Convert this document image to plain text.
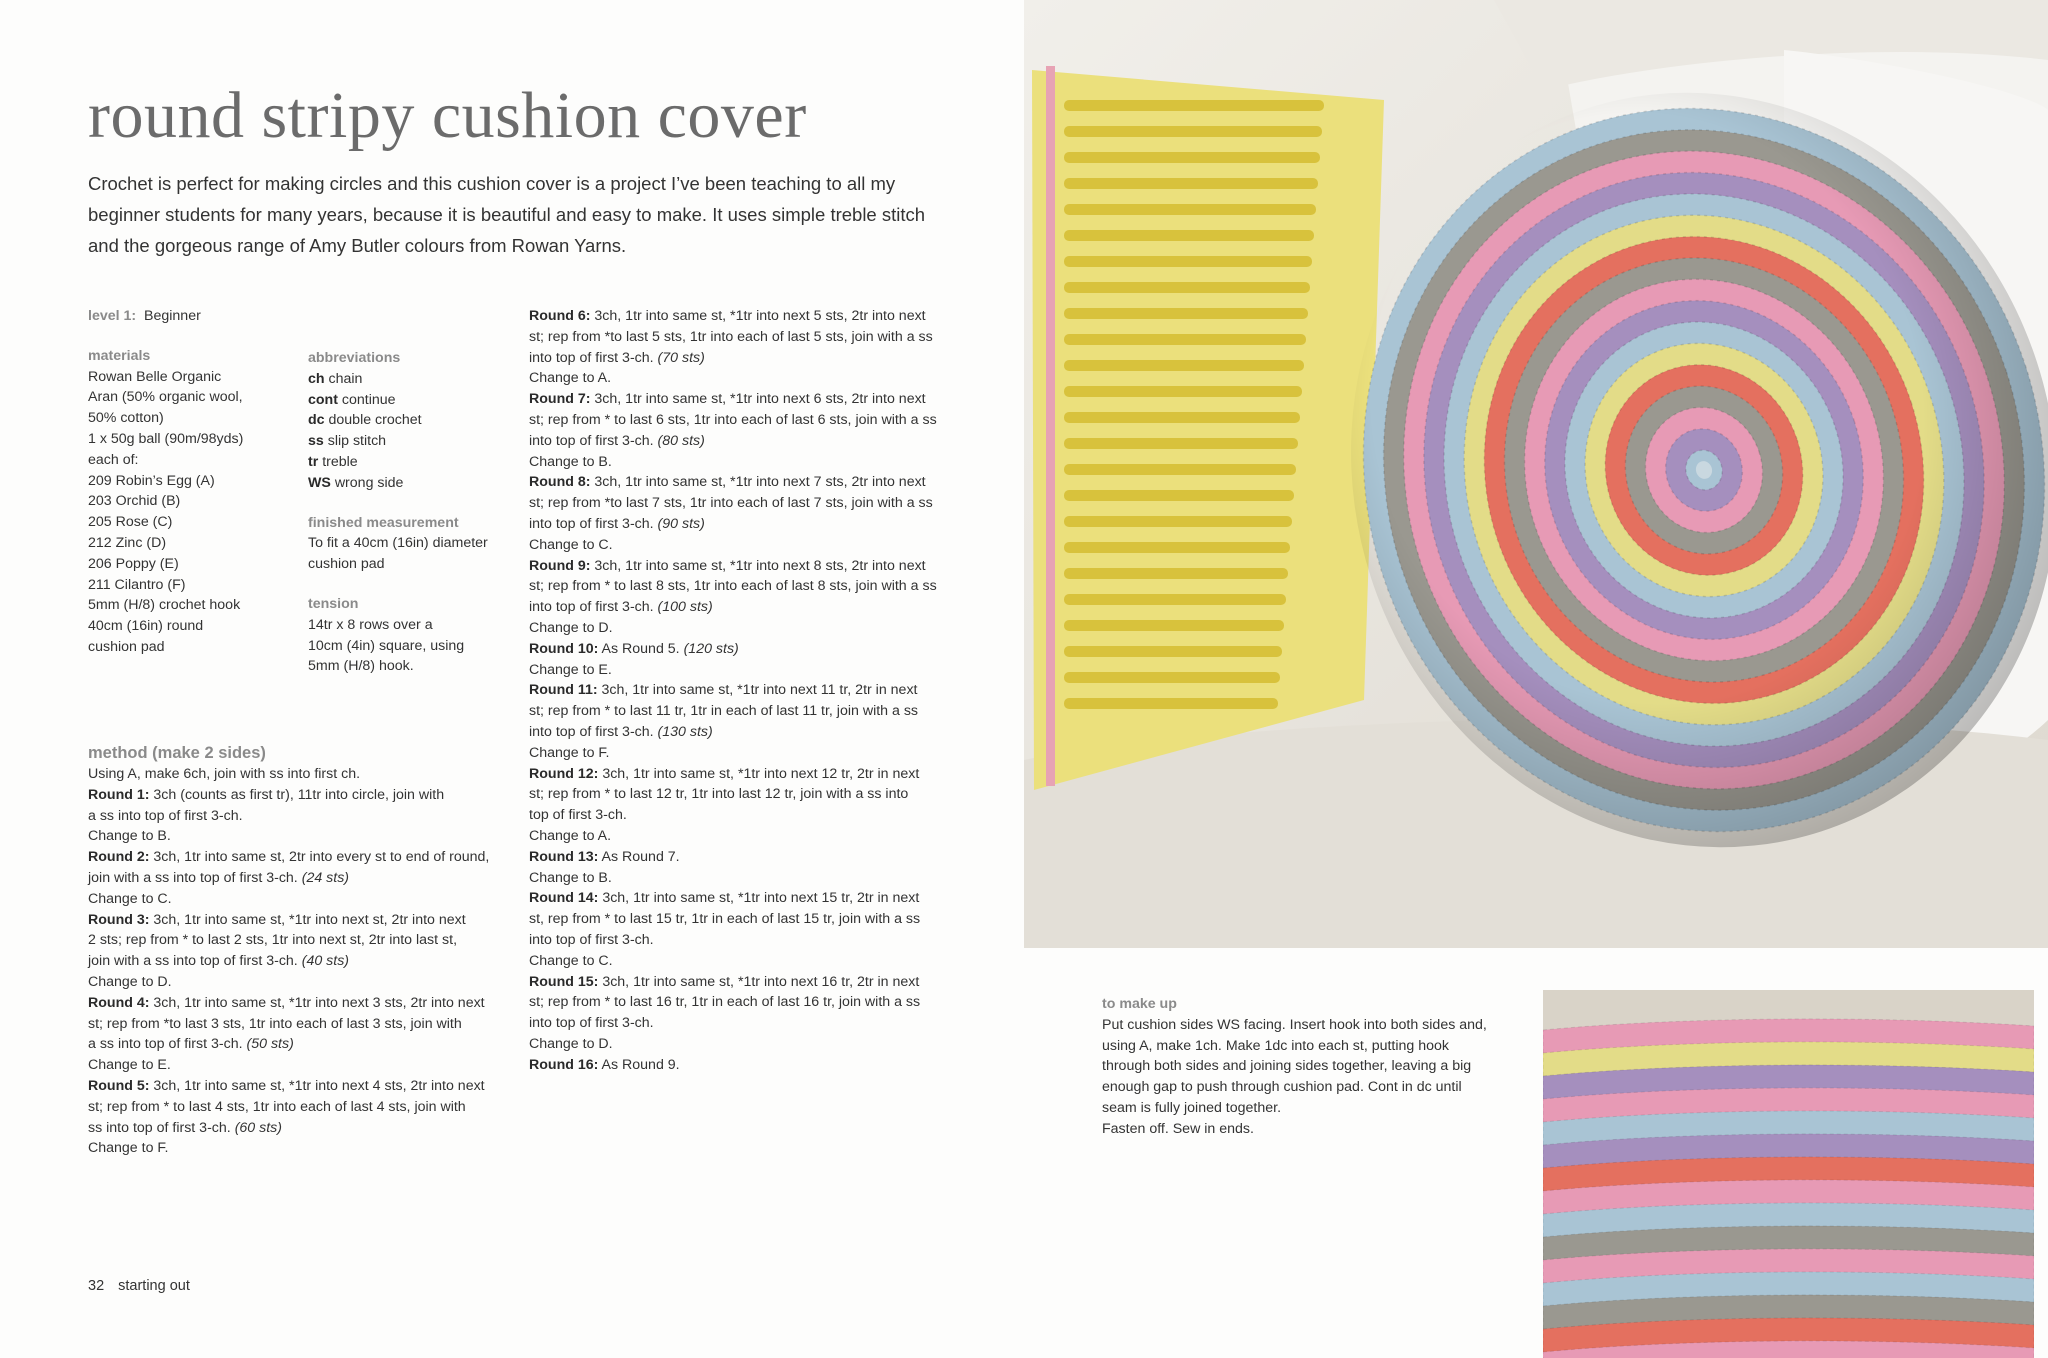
round stripy cushion cover
Crochet is perfect for making circles and this cushion cover is a project I’ve been teaching to all my
beginner students for many years, because it is beautiful and easy to make. It uses simple treble stitch
and the gorgeous range of Amy Butler colours from Rowan Yarns.
level 1: Beginner
materials
Rowan Belle Organic
Aran (50% organic wool,
50% cotton)
1 x 50g ball (90m/98yds)
each of:
209 Robin’s Egg (A)
203 Orchid (B)
205 Rose (C)
212 Zinc (D)
206 Poppy (E)
211 Cilantro (F)
5mm (H/8) crochet hook
40cm (16in) round
cushion pad
abbreviations
ch chain
cont continue
dc double crochet
ss slip stitch
tr treble
WS wrong side
finished measurement
To fit a 40cm (16in) diameter
cushion pad
tension
14tr x 8 rows over a
10cm (4in) square, using
5mm (H/8) hook.
method (make 2 sides)
Using A, make 6ch, join with ss into first ch.
Round 1: 3ch (counts as first tr), 11tr into circle, join with
a ss into top of first 3-ch.
Change to B.
Round 2: 3ch, 1tr into same st, 2tr into every st to end of round,
join with a ss into top of first 3-ch. (24 sts)
Change to C.
Round 3: 3ch, 1tr into same st, *1tr into next st, 2tr into next
2 sts; rep from * to last 2 sts, 1tr into next st, 2tr into last st,
join with a ss into top of first 3-ch. (40 sts)
Change to D.
Round 4: 3ch, 1tr into same st, *1tr into next 3 sts, 2tr into next
st; rep from *to last 3 sts, 1tr into each of last 3 sts, join with
a ss into top of first 3-ch. (50 sts)
Change to E.
Round 5: 3ch, 1tr into same st, *1tr into next 4 sts, 2tr into next
st; rep from * to last 4 sts, 1tr into each of last 4 sts, join with
ss into top of first 3-ch. (60 sts)
Change to F.
Round 6: 3ch, 1tr into same st, *1tr into next 5 sts, 2tr into next
st; rep from *to last 5 sts, 1tr into each of last 5 sts, join with a ss
into top of first 3-ch. (70 sts)
Change to A.
Round 7: 3ch, 1tr into same st, *1tr into next 6 sts, 2tr into next
st; rep from * to last 6 sts, 1tr into each of last 6 sts, join with a ss
into top of first 3-ch. (80 sts)
Change to B.
Round 8: 3ch, 1tr into same st, *1tr into next 7 sts, 2tr into next
st; rep from *to last 7 sts, 1tr into each of last 7 sts, join with a ss
into top of first 3-ch. (90 sts)
Change to C.
Round 9: 3ch, 1tr into same st, *1tr into next 8 sts, 2tr into next
st; rep from * to last 8 sts, 1tr into each of last 8 sts, join with a ss
into top of first 3-ch. (100 sts)
Change to D.
Round 10: As Round 5. (120 sts)
Change to E.
Round 11: 3ch, 1tr into same st, *1tr into next 11 tr, 2tr in next
st; rep from * to last 11 tr, 1tr in each of last 11 tr, join with a ss
into top of first 3-ch. (130 sts)
Change to F.
Round 12: 3ch, 1tr into same st, *1tr into next 12 tr, 2tr in next
st; rep from * to last 12 tr, 1tr into last 12 tr, join with a ss into
top of first 3-ch.
Change to A.
Round 13: As Round 7.
Change to B.
Round 14: 3ch, 1tr into same st, *1tr into next 15 tr, 2tr in next
st, rep from * to last 15 tr, 1tr in each of last 15 tr, join with a ss
into top of first 3-ch.
Change to C.
Round 15: 3ch, 1tr into same st, *1tr into next 16 tr, 2tr in next
st; rep from * to last 16 tr, 1tr in each of last 16 tr, join with a ss
into top of first 3-ch.
Change to D.
Round 16: As Round 9.
to make up
Put cushion sides WS facing. Insert hook into both sides and,
using A, make 1ch. Make 1dc into each st, putting hook
through both sides and joining sides together, leaving a big
enough gap to push through cushion pad. Cont in dc until
seam is fully joined together.
Fasten off. Sew in ends.
32 starting out
